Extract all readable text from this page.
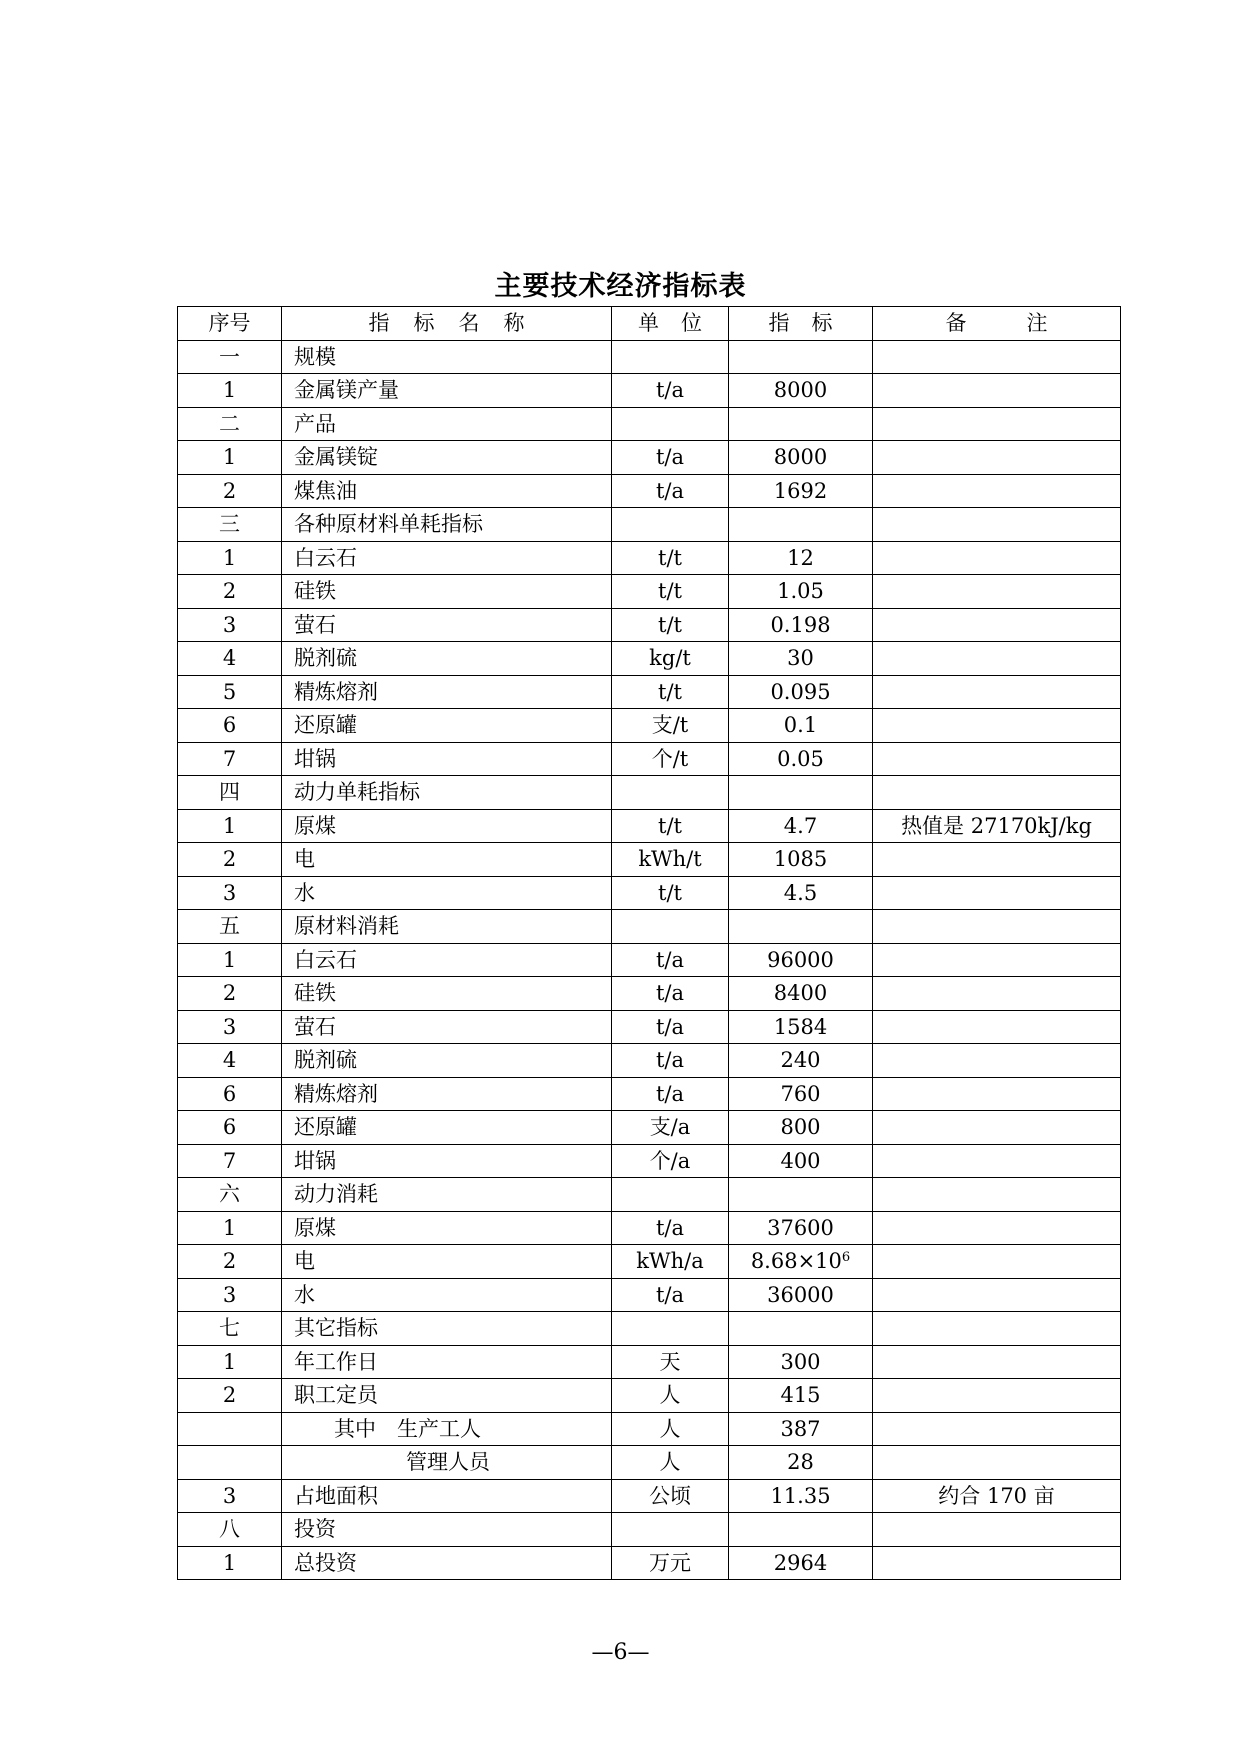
主要技术经济指标表
序号	指标名称	单位	指标	备注
一	规模			
1	金属镁产量	t/a	8000	
二	产品			
1	金属镁锭	t/a	8000	
2	煤焦油	t/a	1692	
三	各种原材料单耗指标			
1	白云石	t/t	12	
2	硅铁	t/t	1.05	
3	萤石	t/t	0.198	
4	脱剂硫	kg/t	30	
5	精炼熔剂	t/t	0.095	
6	还原罐	支/t	0.1	
7	坩锅	个/t	0.05	
四	动力单耗指标			
1	原煤	t/t	4.7	热值是 27170kJ/kg
2	电	kWh/t	1085	
3	水	t/t	4.5	
五	原材料消耗			
1	白云石	t/a	96000	
2	硅铁	t/a	8400	
3	萤石	t/a	1584	
4	脱剂硫	t/a	240	
6	精炼熔剂	t/a	760	
6	还原罐	支/a	800	
7	坩锅	个/a	400	
六	动力消耗			
1	原煤	t/a	37600	
2	电	kWh/a	$8.68\times 10^6$	
3	水	t/a	36000	
七	其它指标			
1	年工作日	天	300	
2	职工定员	人	415	
	其中　生产工人	人	387	
	管理人员	人	28	
3	占地面积	公顷	11.35	约合 170 亩
八	投资			
1	总投资	万元	2964	
—6—
